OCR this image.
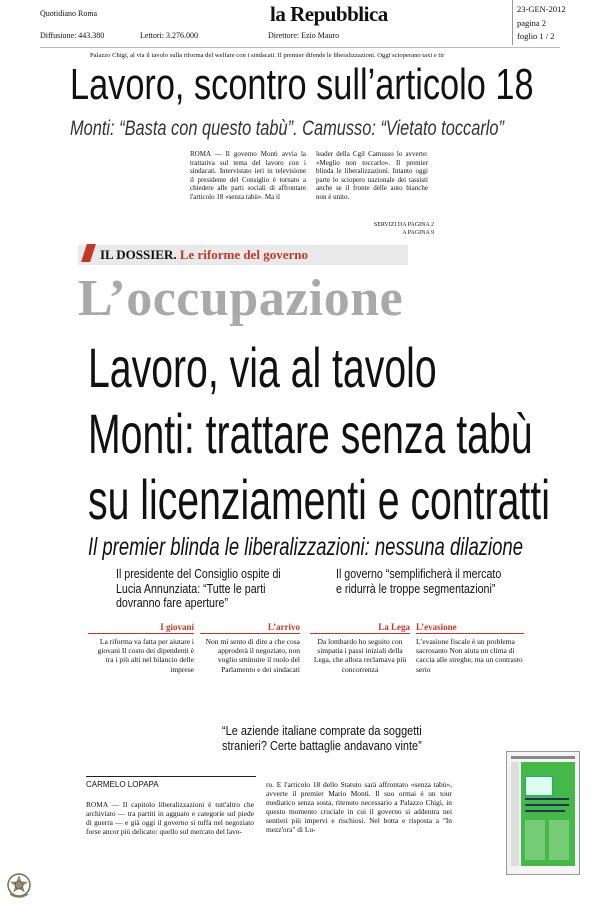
Quotidiano Roma
Diffusione: 443.380	Lettori: 3.276.000	Direttore: Ezio Mauro
la Repubblica	23-GEN-2012
pagina 2
foglio 1 / 2
Palazzo Chigi, al via il tavolo sulla riforma del welfare con i sindacati. Il premier difende le liberalizzazioni. Oggi scioperano taxi e tir
Lavoro, scontro sull’articolo 18
Monti: “Basta con questo tabù”. Camusso: “Vietato toccarlo”
ROMA — Il governo Monti avvia la trattativa sul tema del lavoro con i sindacati. Intervistato ieri in televisione il presidente del Consiglio è tornato a chiedere alle parti sociali di affrontare l'articolo 18 «senza tabù». Ma il
leader della Cgil Camusso lo avverte: «Meglio non toccarlo». Il premier blinda le liberalizzazioni. Intanto oggi parte lo sciopero nazionale dei tassisti anche se il fronte delle auto bianche non è unito.
SERVIZI DA PAGINA 2 A PAGINA 9
IL DOSSIER. Le riforme del governo
L’occupazione
Lavoro, via al tavolo
Monti: trattare senza tabù
su licenziamenti e contratti
Il premier blinda le liberalizzazioni: nessuna dilazione
Il presidente del Consiglio ospite di Lucia Annunziata: “Tutte le parti dovranno fare aperture”
Il governo “semplificherà il mercato e ridurrà le troppe segmentazioni”
I giovani
La riforma va fatta per aiutare i giovani Il costo dei dipendenti è tra i più alti nel bilancio delle imprese
L’arrivo
Non mi sento di dire a che cosa approderà il negoziato, non voglio sminuire il ruolo del Parlamento e dei sindacati
La Lega
Da lombardo ho seguito con simpatia i passi iniziali della Lega, che allora reclamava più concorrenza
L’evasione
L’evasione fiscale è un problema sacrosanto Non aiuta un clima di caccia alle streghe, ma un contrasto serio
“Le aziende italiane comprate da soggetti stranieri? Certe battaglie andavano vinte”
CARMELO LOPAPA
ROMA — Il capitolo liberalizzazioni è tutt'altro che archiviato — tra partiti in agguato e categorie sul piede di guerra — e già oggi il governo si tuffa nel negoziato forse ancor più delicato: quello sul mercato del lavo-
ro. E l'articolo 18 dello Statuto sarà affrontato «senza tabù», avverte il premier Mario Monti. Il suo ormai è un tour mediatico senza sosta, ritenuto necessario a Palazzo Chigi, in questo momento cruciale in cui il governo si addentra nei sentieri più impervi e rischiosi. Nel botta e risposta a "In mezz'ora" di Lu-
